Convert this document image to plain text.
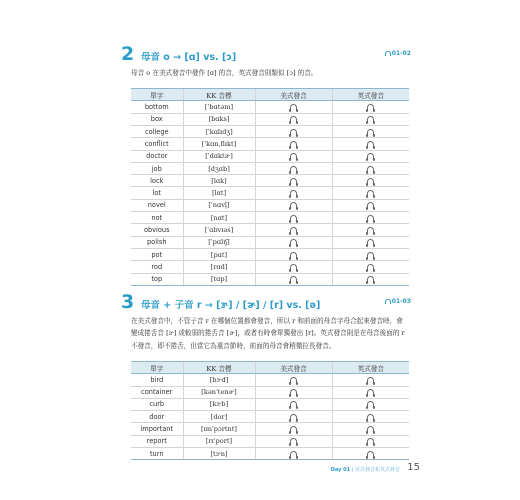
2 母音 o → [ɑ] vs. [ɔ]	01-02

母音 o 在美式發音中發作 [ɑ] 的音，英式發音則類似 [ɔ] 的音。

單字	KK 音標	美式發音	英式發音
bottom	[ˈbɑtəm]		
box	[bɑks]		
college	[ˈkɑlɪdʒ]		
conflict	[ˈkɑnˌflɪkt]		
doctor	[ˈdɑktɚ]		
job	[dʒɑb]		
lock	[lɑk]		
lot	[lɑt]		
novel	[ˈnɑvl̩]		
not	[nɑt]		
obvious	[ˈɑbvɪəs]		
polish	[ˈpɑlɪʃ]		
pot	[pɑt]		
rod	[rɑd]		
top	[tɑp]		
3 母音 + 子音 r → [ɝ] / [ɚ] / [r] vs. [ə]	01-03

在美式發音中，不管子音 r 在哪個位置都會發音，所以 r 和前面的母音字母合起來發音時，會變成捲舌音 [ɝ] 或較弱的捲舌音 [ɚ]，或者有時會單獨發出 [r]。英式發音則是在母音後面的 r 不發音，即不捲舌，但當它為重音節時，前面的母音會稍微拉長發音。

單字	KK 音標	美式發音	英式發音
bird	[bɝd]		
container	[kənˈtenɚ]		
curb	[kɝb]		
door	[dor]		
important	[ɪmˈpɔrtnt]		
report	[rɪˈport]		
turn	[tɝn]		
Day 01 | 美式發音和英式發音 15
